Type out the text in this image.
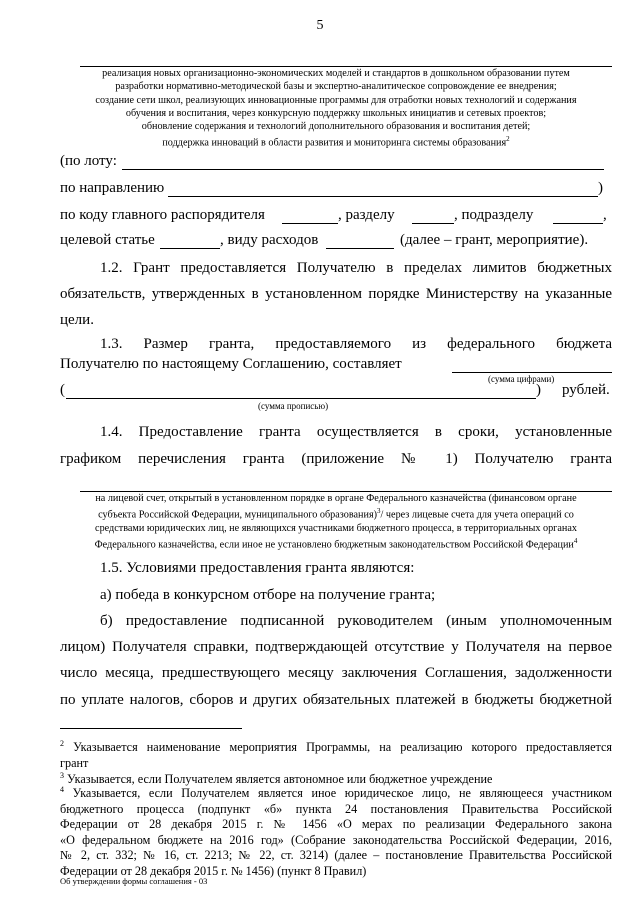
5
реализация новых организационно-экономических моделей и стандартов в дошкольном образовании путем
разработки нормативно-методической базы и экспертно-аналитическое сопровождение ее внедрения;
создание сети школ, реализующих инновационные программы для отработки новых технологий и содержания
обучения и воспитания, через конкурсную поддержку школьных инициатив и сетевых проектов;
обновление содержания и технологий дополнительного образования и воспитания детей;
поддержка инноваций в области развития и мониторинга системы образования$^2$
(по лоту:
по направлению	)
по коду главного распорядителя	, разделу	, подразделу	,
целевой статье	, виду расходов	(далее – грант, мероприятие).
1.2. Грант предоставляется Получателю в пределах лимитов бюджетных
обязательств, утвержденных в установленном порядке Министерству на указанные
цели.
1.3. Размер грантa, предоставляемого из федерального бюджета
Получателю по настоящему Соглашению, составляет
(сумма цифрами)
(	) рублей.
(сумма прописью)
1.4. Предоставление гранта осуществляется в сроки, установленные
графиком перечисления гранта (приложение № 1) Получателю гранта
на лицевой счет, открытый в установленном порядке в органе Федерального казначейства (финансовом органе
субъекта Российской Федерации, муниципального образования)$^3$/ через лицевые счета для учета операций со
средствами юридических лиц, не являющихся участниками бюджетного процесса, в территориальных органах
Федерального казначейства, если иное не установлено бюджетным законодательством Российской Федерации$^4$
1.5. Условиями предоставления гранта являются:
а) победа в конкурсном отборе на получение гранта;
б) предоставление подписанной руководителем (иным уполномоченным
лицом) Получателя справки, подтверждающей отсутствие у Получателя на первое
число месяца, предшествующего месяцу заключения Соглашения, задолженности
по уплате налогов, сборов и других обязательных платежей в бюджеты бюджетной
$^2$ Указывается наименование мероприятия Программы, на реализацию которого предоставляется
грант
$^3$ Указывается, если Получателем является автономное или бюджетное учреждение
$^4$ Указывается, если Получателем является иное юридическое лицо, не являющееся участником
бюджетного процесса (подпункт «б» пункта 24 постановления Правительства Российской
Федерации от 28 декабря 2015 г. № 1456 «О мерах по реализации Федерального закона
«О федеральном бюджете на 2016 год» (Собрание законодательства Российской Федерации, 2016,
№ 2, ст. 332; № 16, ст. 2213; № 22, ст. 3214) (далее – постановление Правительства Российской
Федерации от 28 декабря 2015 г. № 1456) (пункт 8 Правил)
Об утверждении формы соглашения - 03
